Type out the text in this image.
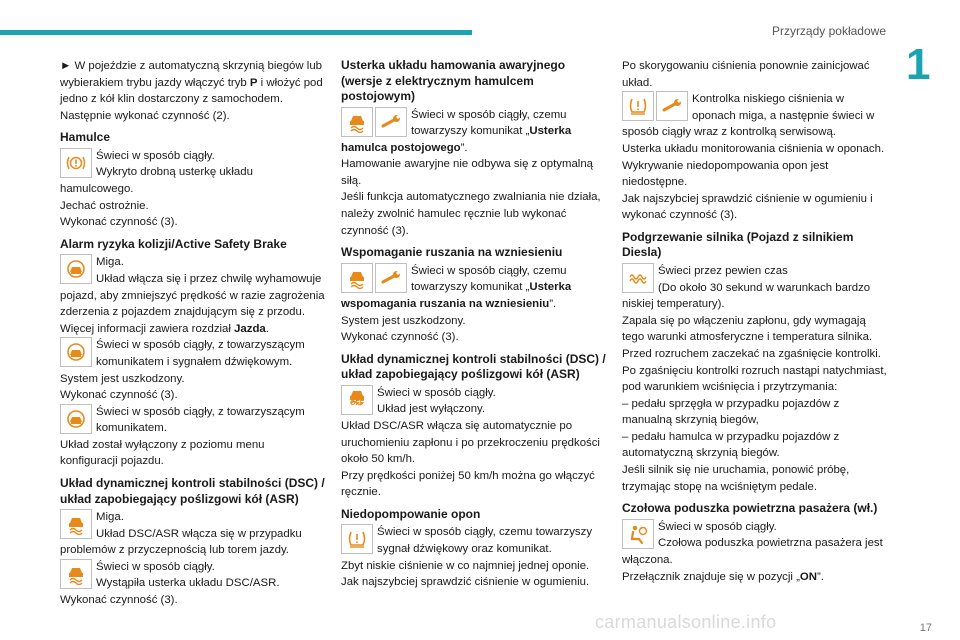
Przyrządy pokładowe
1
17
carmanualsonline.info

► W pojeździe z automatyczną skrzynią biegów lub wybierakiem trybu jazdy włączyć tryb P i włożyć pod jedno z kół klin dostarczony z samochodem. Następnie wykonać czynność (2).

Hamulce

Świeci w sposób ciągły.

Wykryto drobną usterkę układu hamulcowego.

Jechać ostrożnie.

Wykonać czynność (3).

Alarm ryzyka kolizji/Active Safety Brake

Miga.

Układ włącza się i przez chwilę wyhamowuje pojazd, aby zmniejszyć prędkość w razie zagrożenia zderzenia z pojazdem znajdującym się z przodu.

Więcej informacji zawiera rozdział Jazda.

Świeci w sposób ciągły, z towarzyszącym komunikatem i sygnałem dźwiękowym.

System jest uszkodzony.

Wykonać czynność (3).

Świeci w sposób ciągły, z towarzyszącym komunikatem.

Układ został wyłączony z poziomu menu konfiguracji pojazdu.

Układ dynamicznej kontroli stabilności (DSC) / układ zapobiegający poślizgowi kół (ASR)

Miga.

Układ DSC/ASR włącza się w przypadku problemów z przyczepnością lub torem jazdy.

Świeci w sposób ciągły.

Wystąpiła usterka układu DSC/ASR.

Wykonać czynność (3).

Usterka układu hamowania awaryjnego (wersje z elektrycznym hamulcem postojowym)

Świeci w sposób ciągły, czemu towarzyszy komunikat „Usterka hamulca postojowego”.

Hamowanie awaryjne nie odbywa się z optymalną siłą.

Jeśli funkcja automatycznego zwalniania nie działa, należy zwolnić hamulec ręcznie lub wykonać czynność (3).

Wspomaganie ruszania na wzniesieniu

Świeci w sposób ciągły, czemu towarzyszy komunikat „Usterka wspomagania ruszania na wzniesieniu”.

System jest uszkodzony.

Wykonać czynność (3).

Układ dynamicznej kontroli stabilności (DSC) / układ zapobiegający poślizgowi kół (ASR)
OFF

Świeci w sposób ciągły.

Układ jest wyłączony.

Układ DSC/ASR włącza się automatycznie po uruchomieniu zapłonu i po przekroczeniu prędkości około 50 km/h.

Przy prędkości poniżej 50 km/h można go włączyć ręcznie.

Niedopompowanie opon

Świeci w sposób ciągły, czemu towarzyszy sygnał dźwiękowy oraz komunikat.

Zbyt niskie ciśnienie w co najmniej jednej oponie.

Jak najszybciej sprawdzić ciśnienie w ogumieniu.

Po skorygowaniu ciśnienia ponownie zainicjować układ.

Kontrolka niskiego ciśnienia w oponach miga, a następnie świeci w sposób ciągły wraz z kontrolką serwisową.

Usterka układu monitorowania ciśnienia w oponach.

Wykrywanie niedopompowania opon jest niedostępne.

Jak najszybciej sprawdzić ciśnienie w ogumieniu i wykonać czynność (3).

Podgrzewanie silnika (Pojazd z silnikiem Diesla)

Świeci przez pewien czas

(Do około 30 sekund w warunkach bardzo niskiej temperatury).

Zapala się po włączeniu zapłonu, gdy wymagają tego warunki atmosferyczne i temperatura silnika.

Przed rozruchem zaczekać na zgaśnięcie kontrolki.

Po zgaśnięciu kontrolki rozruch nastąpi natychmiast, pod warunkiem wciśnięcia i przytrzymania:

– pedału sprzęgła w przypadku pojazdów z manualną skrzynią biegów,

– pedału hamulca w przypadku pojazdów z automatyczną skrzynią biegów.

Jeśli silnik się nie uruchamia, ponowić próbę, trzymając stopę na wciśniętym pedale.

Czołowa poduszka powietrzna pasażera (wł.)

Świeci w sposób ciągły.

Czołowa poduszka powietrzna pasażera jest włączona.

Przełącznik znajduje się w pozycji „ON”.
